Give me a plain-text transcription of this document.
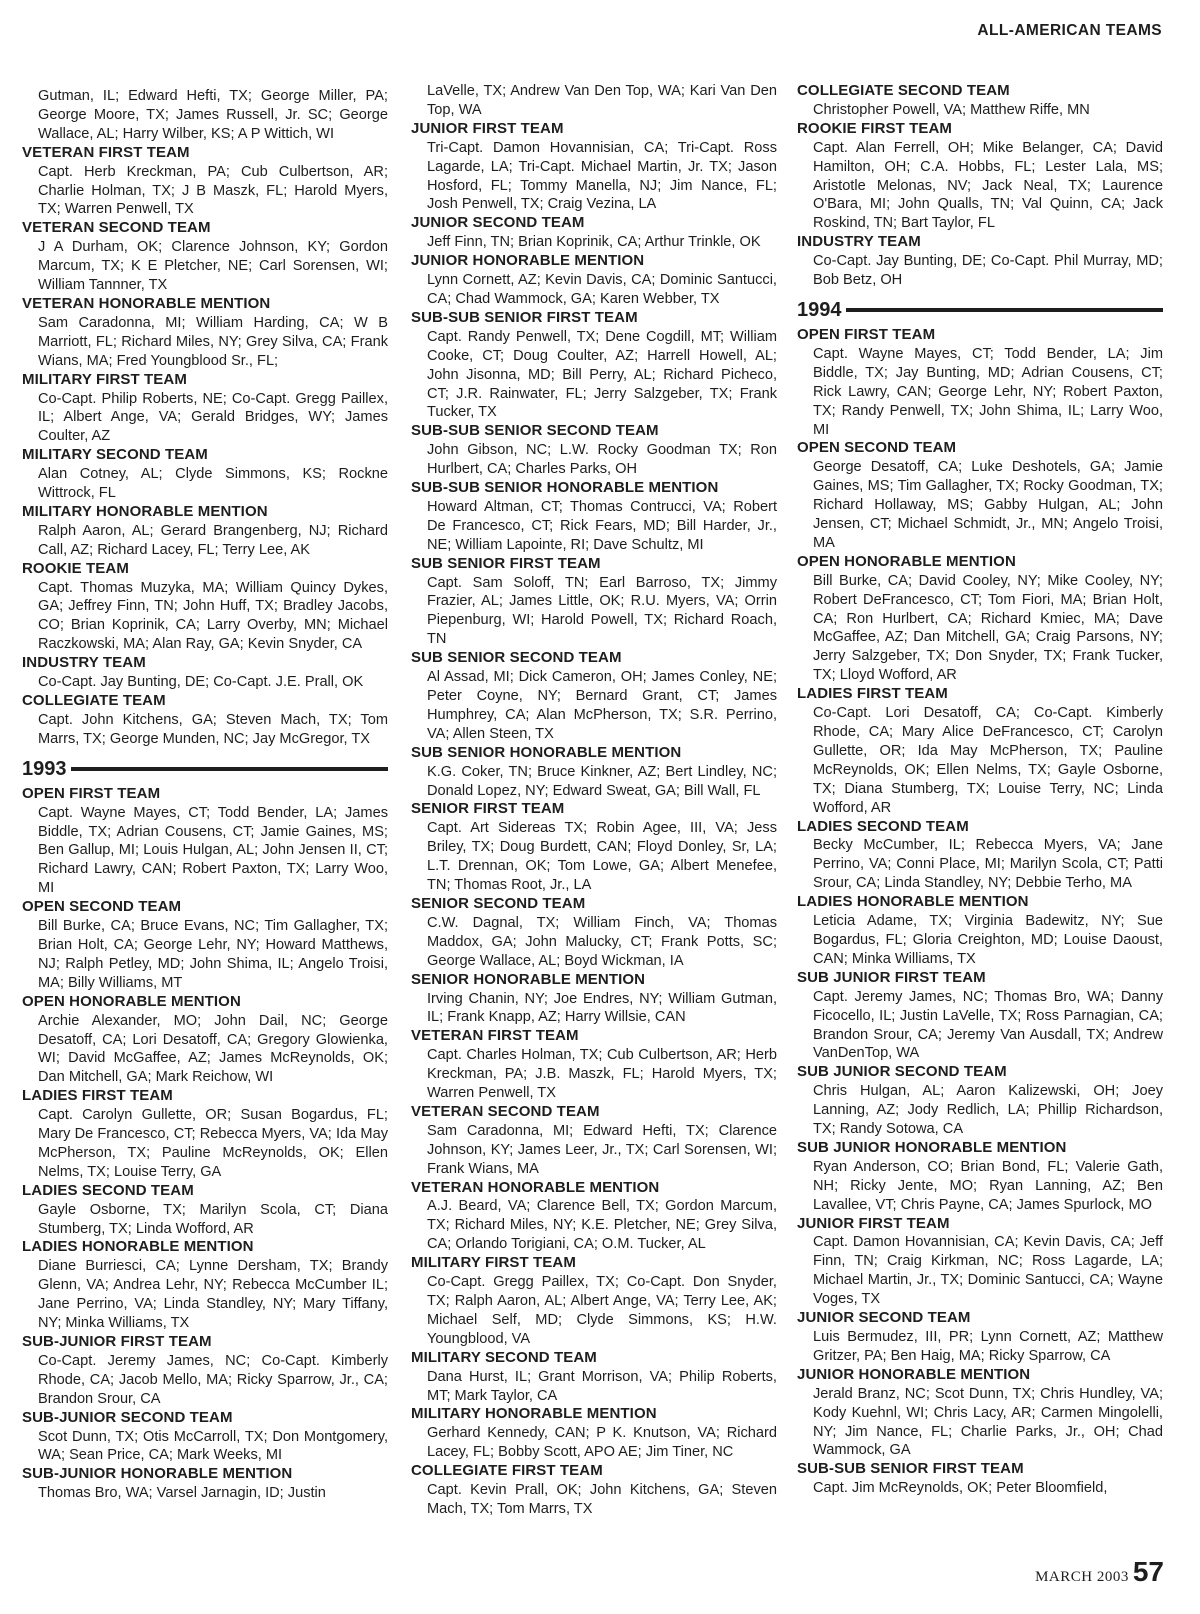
ALL-AMERICAN TEAMS

Gutman, IL; Edward Hefti, TX; George Miller, PA; George Moore, TX; James Russell, Jr. SC; George Wallace, AL; Harry Wilber, KS; A P Wittich, WI

VETERAN FIRST TEAM

Capt. Herb Kreckman, PA; Cub Culbertson, AR; Charlie Holman, TX; J B Maszk, FL; Harold Myers, TX; Warren Penwell, TX

VETERAN SECOND TEAM

J A Durham, OK; Clarence Johnson, KY; Gordon Marcum, TX; K E Pletcher, NE; Carl Sorensen, WI; William Tannner, TX

VETERAN HONORABLE MENTION

Sam Caradonna, MI; William Harding, CA; W B Marriott, FL; Richard Miles, NY; Grey Silva, CA; Frank Wians, MA; Fred Youngblood Sr., FL;

MILITARY FIRST TEAM

Co-Capt. Philip Roberts, NE; Co-Capt. Gregg Paillex, IL; Albert Ange, VA; Gerald Bridges, WY; James Coulter, AZ

MILITARY SECOND TEAM

Alan Cotney, AL; Clyde Simmons, KS; Rockne Wittrock, FL

MILITARY HONORABLE MENTION

Ralph Aaron, AL; Gerard Brangenberg, NJ; Richard Call, AZ; Richard Lacey, FL; Terry Lee, AK

ROOKIE TEAM

Capt. Thomas Muzyka, MA; William Quincy Dykes, GA; Jeffrey Finn, TN; John Huff, TX; Bradley Jacobs, CO; Brian Koprinik, CA; Larry Overby, MN; Michael Raczkowski, MA; Alan Ray, GA; Kevin Snyder, CA

INDUSTRY TEAM

Co-Capt. Jay Bunting, DE; Co-Capt. J.E. Prall, OK

COLLEGIATE TEAM

Capt. John Kitchens, GA; Steven Mach, TX; Tom Marrs, TX; George Munden, NC; Jay McGregor, TX

1993
OPEN FIRST TEAM

Capt. Wayne Mayes, CT; Todd Bender, LA; James Biddle, TX; Adrian Cousens, CT; Jamie Gaines, MS; Ben Gallup, MI; Louis Hulgan, AL; John Jensen II, CT; Richard Lawry, CAN; Robert Paxton, TX; Larry Woo, MI

OPEN SECOND TEAM

Bill Burke, CA; Bruce Evans, NC; Tim Gallagher, TX; Brian Holt, CA; George Lehr, NY; Howard Matthews, NJ; Ralph Petley, MD; John Shima, IL; Angelo Troisi, MA; Billy Williams, MT

OPEN HONORABLE MENTION

Archie Alexander, MO; John Dail, NC; George Desatoff, CA; Lori Desatoff, CA; Gregory Glowienka, WI; David McGaffee, AZ; James McReynolds, OK; Dan Mitchell, GA; Mark Reichow, WI

LADIES FIRST TEAM

Capt. Carolyn Gullette, OR; Susan Bogardus, FL; Mary De Francesco, CT; Rebecca Myers, VA; Ida May McPherson, TX; Pauline McReynolds, OK; Ellen Nelms, TX; Louise Terry, GA

LADIES SECOND TEAM

Gayle Osborne, TX; Marilyn Scola, CT; Diana Stumberg, TX; Linda Wofford, AR

LADIES HONORABLE MENTION

Diane Burriesci, CA; Lynne Dersham, TX; Brandy Glenn, VA; Andrea Lehr, NY; Rebecca McCumber IL; Jane Perrino, VA; Linda Standley, NY; Mary Tiffany, NY; Minka Williams, TX

SUB-JUNIOR FIRST TEAM

Co-Capt. Jeremy James, NC; Co-Capt. Kimberly Rhode, CA; Jacob Mello, MA; Ricky Sparrow, Jr., CA; Brandon Srour, CA

SUB-JUNIOR SECOND TEAM

Scot Dunn, TX; Otis McCarroll, TX; Don Montgomery, WA; Sean Price, CA; Mark Weeks, MI

SUB-JUNIOR HONORABLE MENTION

Thomas Bro, WA; Varsel Jarnagin, ID; Justin

LaVelle, TX; Andrew Van Den Top, WA; Kari Van Den Top, WA

JUNIOR FIRST TEAM

Tri-Capt. Damon Hovannisian, CA; Tri-Capt. Ross Lagarde, LA; Tri-Capt. Michael Martin, Jr. TX; Jason Hosford, FL; Tommy Manella, NJ; Jim Nance, FL; Josh Penwell, TX; Craig Vezina, LA

JUNIOR SECOND TEAM

Jeff Finn, TN; Brian Koprinik, CA; Arthur Trinkle, OK

JUNIOR HONORABLE MENTION

Lynn Cornett, AZ; Kevin Davis, CA; Dominic Santucci, CA; Chad Wammock, GA; Karen Webber, TX

SUB-SUB SENIOR FIRST TEAM

Capt. Randy Penwell, TX; Dene Cogdill, MT; William Cooke, CT; Doug Coulter, AZ; Harrell Howell, AL; John Jisonna, MD; Bill Perry, AL; Richard Picheco, CT; J.R. Rainwater, FL; Jerry Salzgeber, TX; Frank Tucker, TX

SUB-SUB SENIOR SECOND TEAM

John Gibson, NC; L.W. Rocky Goodman TX; Ron Hurlbert, CA; Charles Parks, OH

SUB-SUB SENIOR HONORABLE MENTION

Howard Altman, CT; Thomas Contrucci, VA; Robert De Francesco, CT; Rick Fears, MD; Bill Harder, Jr., NE; William Lapointe, RI; Dave Schultz, MI

SUB SENIOR FIRST TEAM

Capt. Sam Soloff, TN; Earl Barroso, TX; Jimmy Frazier, AL; James Little, OK; R.U. Myers, VA; Orrin Piepenburg, WI; Harold Powell, TX; Richard Roach, TN

SUB SENIOR SECOND TEAM

Al Assad, MI; Dick Cameron, OH; James Conley, NE; Peter Coyne, NY; Bernard Grant, CT; James Humphrey, CA; Alan McPherson, TX; S.R. Perrino, VA; Allen Steen, TX

SUB SENIOR HONORABLE MENTION

K.G. Coker, TN; Bruce Kinkner, AZ; Bert Lindley, NC; Donald Lopez, NY; Edward Sweat, GA; Bill Wall, FL

SENIOR FIRST TEAM

Capt. Art Sidereas TX; Robin Agee, III, VA; Jess Briley, TX; Doug Burdett, CAN; Floyd Donley, Sr, LA; L.T. Drennan, OK; Tom Lowe, GA; Albert Menefee, TN; Thomas Root, Jr., LA

SENIOR SECOND TEAM

C.W. Dagnal, TX; William Finch, VA; Thomas Maddox, GA; John Malucky, CT; Frank Potts, SC; George Wallace, AL; Boyd Wickman, IA

SENIOR HONORABLE MENTION

Irving Chanin, NY; Joe Endres, NY; William Gutman, IL; Frank Knapp, AZ; Harry Willsie, CAN

VETERAN FIRST TEAM

Capt. Charles Holman, TX; Cub Culbertson, AR; Herb Kreckman, PA; J.B. Maszk, FL; Harold Myers, TX; Warren Penwell, TX

VETERAN SECOND TEAM

Sam Caradonna, MI; Edward Hefti, TX; Clarence Johnson, KY; James Leer, Jr., TX; Carl Sorensen, WI; Frank Wians, MA

VETERAN HONORABLE MENTION

A.J. Beard, VA; Clarence Bell, TX; Gordon Marcum, TX; Richard Miles, NY; K.E. Pletcher, NE; Grey Silva, CA; Orlando Torigiani, CA; O.M. Tucker, AL

MILITARY FIRST TEAM

Co-Capt. Gregg Paillex, TX; Co-Capt. Don Snyder, TX; Ralph Aaron, AL; Albert Ange, VA; Terry Lee, AK; Michael Self, MD; Clyde Simmons, KS; H.W. Youngblood, VA

MILITARY SECOND TEAM

Dana Hurst, IL; Grant Morrison, VA; Philip Roberts, MT; Mark Taylor, CA

MILITARY HONORABLE MENTION

Gerhard Kennedy, CAN; P K. Knutson, VA; Richard Lacey, FL; Bobby Scott, APO AE; Jim Tiner, NC

COLLEGIATE FIRST TEAM

Capt. Kevin Prall, OK; John Kitchens, GA; Steven Mach, TX; Tom Marrs, TX

COLLEGIATE SECOND TEAM

Christopher Powell, VA; Matthew Riffe, MN

ROOKIE FIRST TEAM

Capt. Alan Ferrell, OH; Mike Belanger, CA; David Hamilton, OH; C.A. Hobbs, FL; Lester Lala, MS; Aristotle Melonas, NV; Jack Neal, TX; Laurence O'Bara, MI; John Qualls, TN; Val Quinn, CA; Jack Roskind, TN; Bart Taylor, FL

INDUSTRY TEAM

Co-Capt. Jay Bunting, DE; Co-Capt. Phil Murray, MD; Bob Betz, OH

1994
OPEN FIRST TEAM

Capt. Wayne Mayes, CT; Todd Bender, LA; Jim Biddle, TX; Jay Bunting, MD; Adrian Cousens, CT; Rick Lawry, CAN; George Lehr, NY; Robert Paxton, TX; Randy Penwell, TX; John Shima, IL; Larry Woo, MI

OPEN SECOND TEAM

George Desatoff, CA; Luke Deshotels, GA; Jamie Gaines, MS; Tim Gallagher, TX; Rocky Goodman, TX; Richard Hollaway, MS; Gabby Hulgan, AL; John Jensen, CT; Michael Schmidt, Jr., MN; Angelo Troisi, MA

OPEN HONORABLE MENTION

Bill Burke, CA; David Cooley, NY; Mike Cooley, NY; Robert DeFrancesco, CT; Tom Fiori, MA; Brian Holt, CA; Ron Hurlbert, CA; Richard Kmiec, MA; Dave McGaffee, AZ; Dan Mitchell, GA; Craig Parsons, NY; Jerry Salzgeber, TX; Don Snyder, TX; Frank Tucker, TX; Lloyd Wofford, AR

LADIES FIRST TEAM

Co-Capt. Lori Desatoff, CA; Co-Capt. Kimberly Rhode, CA; Mary Alice DeFrancesco, CT; Carolyn Gullette, OR; Ida May McPherson, TX; Pauline McReynolds, OK; Ellen Nelms, TX; Gayle Osborne, TX; Diana Stumberg, TX; Louise Terry, NC; Linda Wofford, AR

LADIES SECOND TEAM

Becky McCumber, IL; Rebecca Myers, VA; Jane Perrino, VA; Conni Place, MI; Marilyn Scola, CT; Patti Srour, CA; Linda Standley, NY; Debbie Terho, MA

LADIES HONORABLE MENTION

Leticia Adame, TX; Virginia Badewitz, NY; Sue Bogardus, FL; Gloria Creighton, MD; Louise Daoust, CAN; Minka Williams, TX

SUB JUNIOR FIRST TEAM

Capt. Jeremy James, NC; Thomas Bro, WA; Danny Ficocello, IL; Justin LaVelle, TX; Ross Parnagian, CA; Brandon Srour, CA; Jeremy Van Ausdall, TX; Andrew VanDenTop, WA

SUB JUNIOR SECOND TEAM

Chris Hulgan, AL; Aaron Kalizewski, OH; Joey Lanning, AZ; Jody Redlich, LA; Phillip Richardson, TX; Randy Sotowa, CA

SUB JUNIOR HONORABLE MENTION

Ryan Anderson, CO; Brian Bond, FL; Valerie Gath, NH; Ricky Jente, MO; Ryan Lanning, AZ; Ben Lavallee, VT; Chris Payne, CA; James Spurlock, MO

JUNIOR FIRST TEAM

Capt. Damon Hovannisian, CA; Kevin Davis, CA; Jeff Finn, TN; Craig Kirkman, NC; Ross Lagarde, LA; Michael Martin, Jr., TX; Dominic Santucci, CA; Wayne Voges, TX

JUNIOR SECOND TEAM

Luis Bermudez, III, PR; Lynn Cornett, AZ; Matthew Gritzer, PA; Ben Haig, MA; Ricky Sparrow, CA

JUNIOR HONORABLE MENTION

Jerald Branz, NC; Scot Dunn, TX; Chris Hundley, VA; Kody Kuehnl, WI; Chris Lacy, AR; Carmen Mingolelli, NY; Jim Nance, FL; Charlie Parks, Jr., OH; Chad Wammock, GA

SUB-SUB SENIOR FIRST TEAM

Capt. Jim McReynolds, OK; Peter Bloomfield,

MARCH 2003 57
